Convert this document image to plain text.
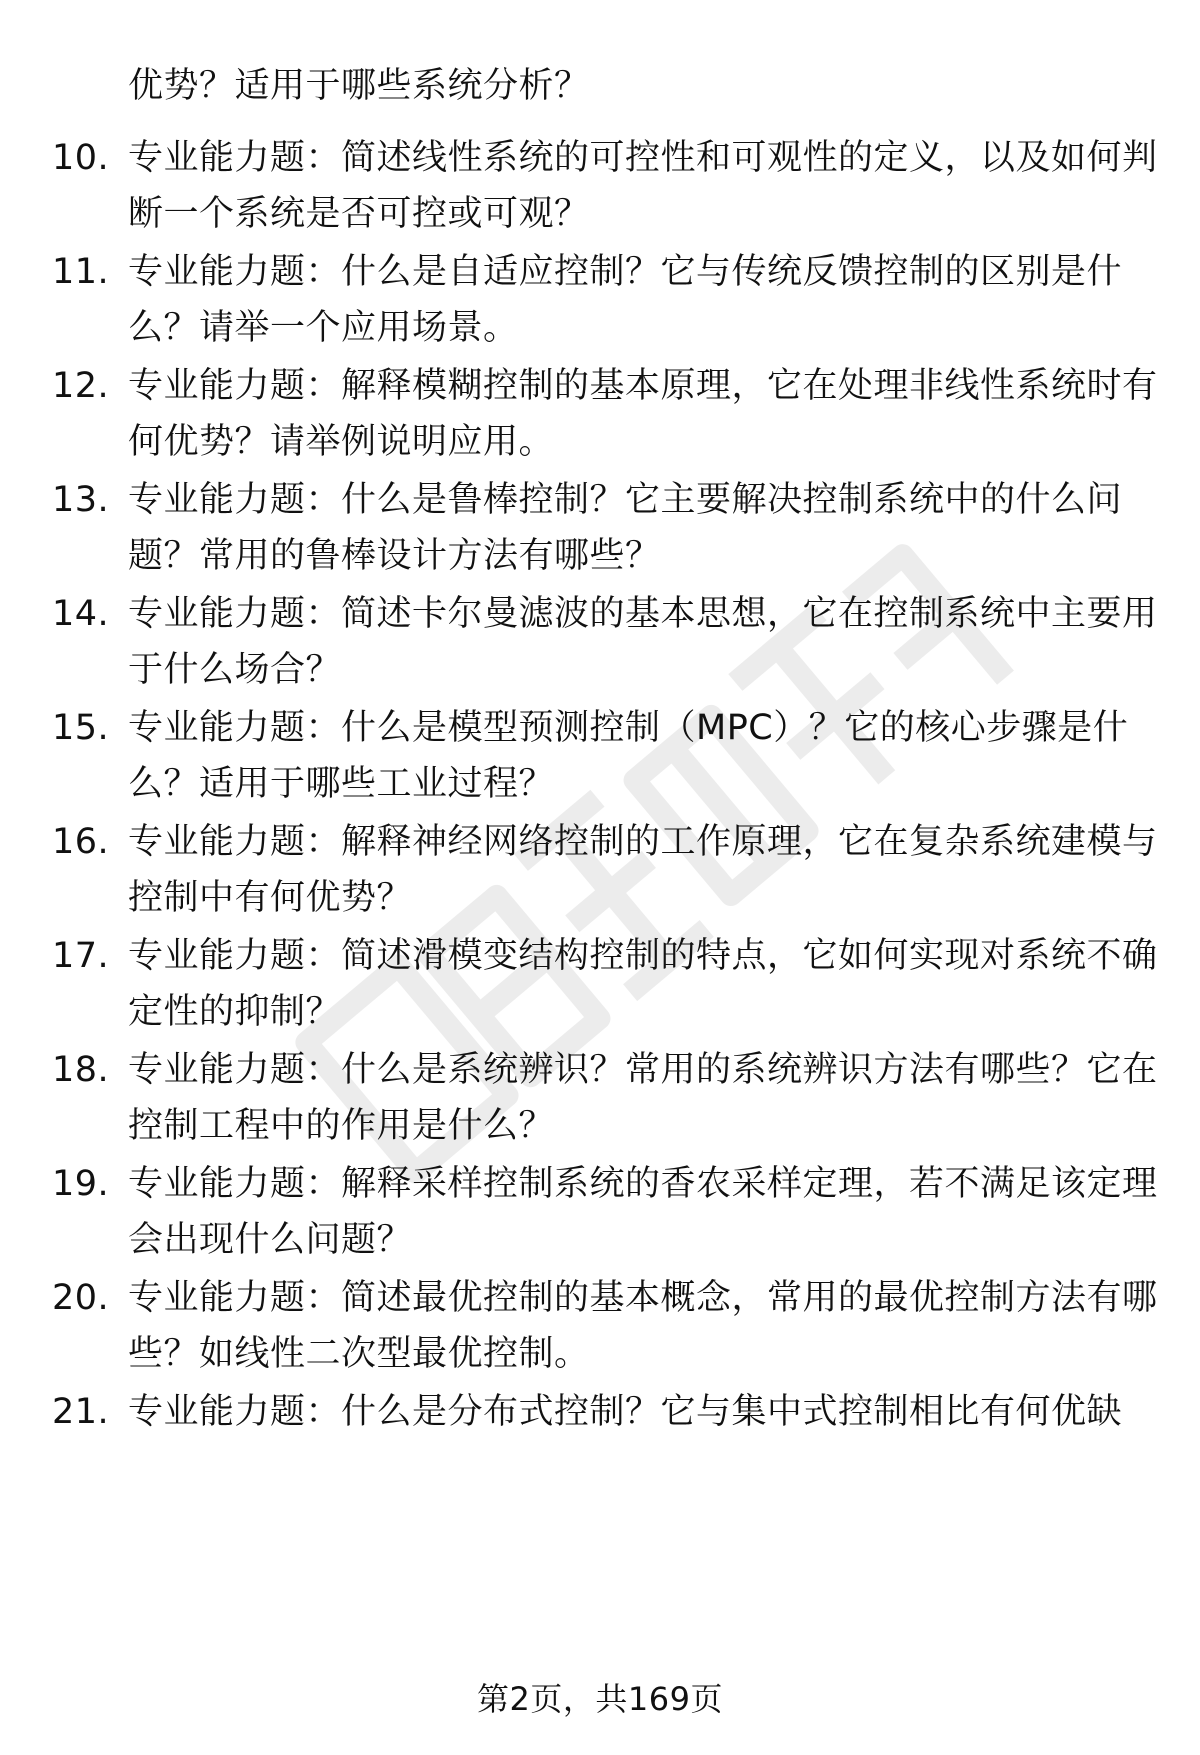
优势？适用于哪些系统分析？
10. 专业能力题：简述线性系统的可控性和可观性的定义，以及如何判断一个系统是否可控或可观？
11. 专业能力题：什么是自适应控制？它与传统反馈控制的区别是什么？请举一个应用场景。
12. 专业能力题：解释模糊控制的基本原理，它在处理非线性系统时有何优势？请举例说明应用。
13. 专业能力题：什么是鲁棒控制？它主要解决控制系统中的什么问题？常用的鲁棒设计方法有哪些？
14. 专业能力题：简述卡尔曼滤波的基本思想，它在控制系统中主要用于什么场合？
15. 专业能力题：什么是模型预测控制（MPC）？它的核心步骤是什么？适用于哪些工业过程？
16. 专业能力题：解释神经网络控制的工作原理，它在复杂系统建模与控制中有何优势？
17. 专业能力题：简述滑模变结构控制的特点，它如何实现对系统不确定性的抑制？
18. 专业能力题：什么是系统辨识？常用的系统辨识方法有哪些？它在控制工程中的作用是什么？
19. 专业能力题：解释采样控制系统的香农采样定理，若不满足该定理会出现什么问题？
20. 专业能力题：简述最优控制的基本概念，常用的最优控制方法有哪些？如线性二次型最优控制。
21. 专业能力题：什么是分布式控制？它与集中式控制相比有何优缺
第2页，共169页
